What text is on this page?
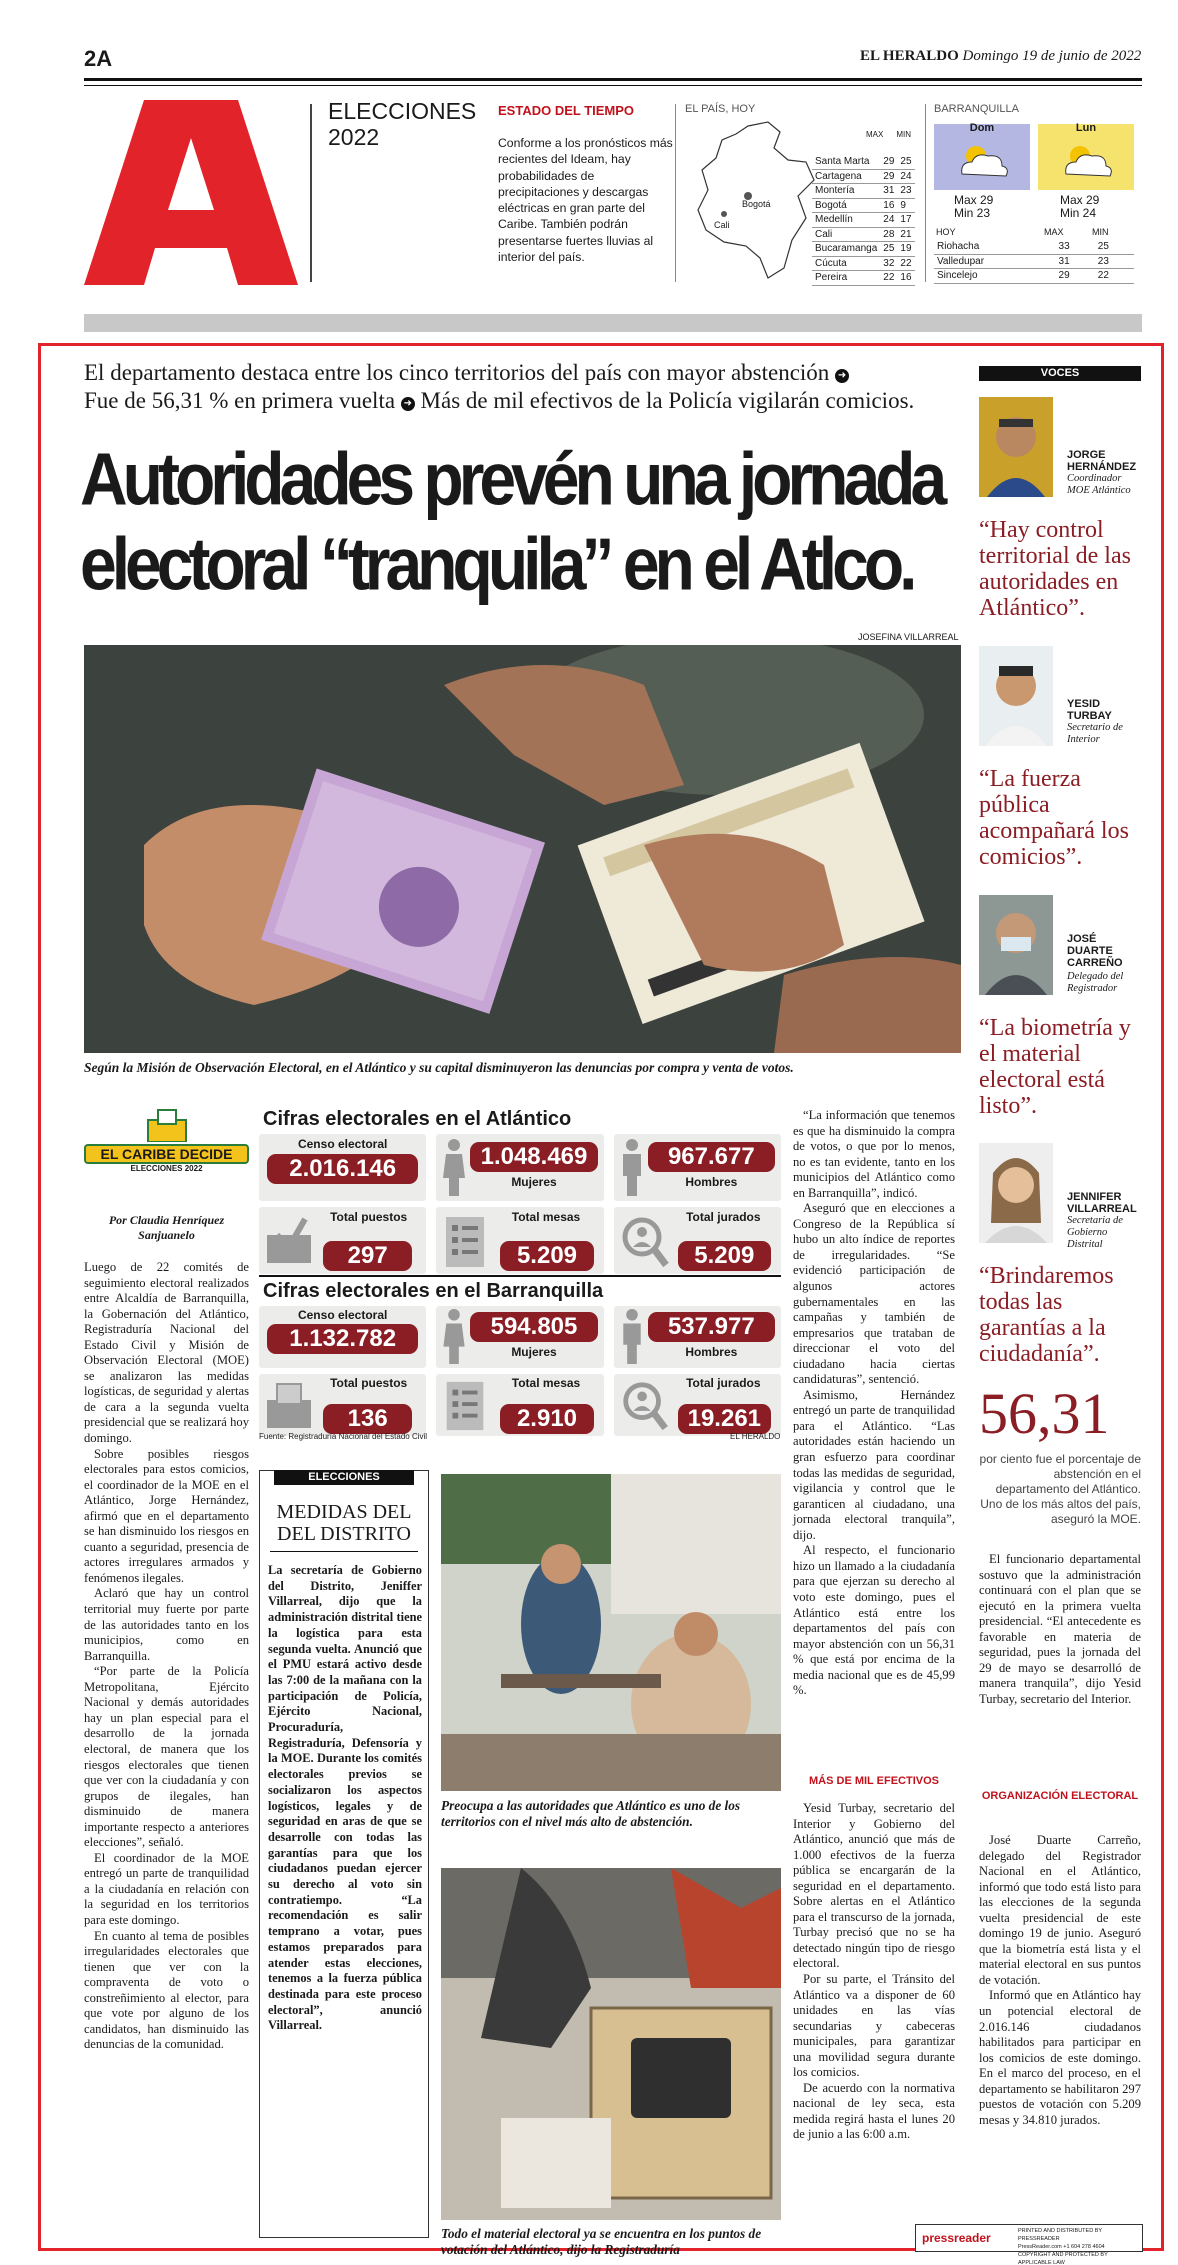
2A	EL HERALDO Domingo 19 de junio de 2022
ELECCIONES
2022
ESTADO DEL TIEMPO
Conforme a los pronósticos más recientes del Ideam, hay probabilidades de precipitaciones y descargas eléctricas en gran parte del Caribe. También podrán presentarse fuertes lluvias al interior del país.
EL PAÍS, HOY
Bogotá
Cali
MAX MIN
Santa Marta	29	25
Cartagena	29	24
Montería	31	23
Bogotá	16	9
Medellín	24	17
Cali	28	21
Bucaramanga	25	19
Cúcuta	32	22
Pereira	22	16
BARRANQUILLA
Dom	Lun
Max 29
Min 23
Max 29
Min 24
HOY	MAX	MIN
Riohacha	33	25
Valledupar	31	23
Sincelejo	29	22
El departamento destaca entre los cinco territorios del país con mayor abstención ➜
Fue de 56,31 % en primera vuelta ➜ Más de mil efectivos de la Policía vigilarán comicios.
Autoridades prevén una jornada
electoral “tranquila” en el Atlco.
JOSEFINA VILLARREAL
Según la Misión de Observación Electoral, en el Atlántico y su capital disminuyeron las denuncias por compra y venta de votos.
EL CARIBE DECIDE
ELECCIONES 2022
Por Claudia Henríquez
Sanjuanelo

Luego de 22 comités de seguimiento electoral realizados entre Alcaldía de Barranquilla, la Gobernación del Atlántico, Registraduría Nacional del Estado Civil y Misión de Observación Electoral (MOE) se analizaron las medidas logísticas, de seguridad y alertas de cara a la segunda vuelta presidencial que se realizará hoy domingo.

Sobre posibles riesgos electorales para estos comicios, el coordinador de la MOE en el Atlántico, Jorge Hernández, afirmó que en el departamento se han disminuido los riesgos en cuanto a seguridad, presencia de actores irregulares armados y fenómenos ilegales.

Aclaró que hay un control territorial muy fuerte por parte de las autoridades tanto en los municipios, como en Barranquilla.

“Por parte de la Policía Metropolitana, Ejército Nacional y demás autoridades hay un plan especial para el desarrollo de la jornada electoral, de manera que los riesgos electorales que tienen que ver con la ciudadanía y con grupos de ilegales, han disminuido de manera importante respecto a anteriores elecciones”, señaló.

El coordinador de la MOE entregó un parte de tranquilidad a la ciudadanía en relación con la seguridad en los territorios para este domingo.

En cuanto al tema de posibles irregularidades electorales que tienen que ver con la compraventa de voto o constreñimiento al elector, para que vote por alguno de los candidatos, han disminuido las denuncias de la comunidad.

Cifras electorales en el Atlántico
Censo electoral
2.016.146	1.048.469
Mujeres
967.677
Hombres
Total puestos
297
Total mesas
5.209
Total jurados
5.209
Cifras electorales en el Barranquilla
Censo electoral
1.132.782	594.805
Mujeres
537.977
Hombres
Total puestos
136
Total mesas
2.910
Total jurados
19.261
Fuente: Registraduría Nacional del Estado Civil	EL HERALDO
ELECCIONES
MEDIDAS DEL DEL DISTRITO
La secretaría de Gobierno del Distrito, Jeniffer Villarreal, dijo que la administración distrital tiene la logística para esta segunda vuelta. Anunció que el PMU estará activo desde las 7:00 de la mañana con la participación de Policía, Ejército Nacional, Procuraduría, Registraduría, Defensoría y la MOE. Durante los comités electorales previos se socializaron los aspectos logísticos, legales y de seguridad en aras de que se desarrolle con todas las garantías para que los ciudadanos puedan ejercer su derecho al voto sin contratiempo. “La recomendación es salir temprano a votar, pues estamos preparados para atender estas elecciones, tenemos a la fuerza pública destinada para este proceso electoral”, anunció Villarreal.
Preocupa a las autoridades que Atlántico es uno de los territorios con el nivel más alto de abstención.
Todo el material electoral ya se encuentra en los puntos de votación del Atlántico, dijo la Registraduría

“La información que tenemos es que ha disminuido la compra de votos, o que por lo menos, no es tan evidente, tanto en los municipios del Atlántico como en Barranquilla”, indicó.

Aseguró que en elecciones a Congreso de la República sí hubo un alto índice de reportes de irregularidades. “Se evidenció participación de algunos actores gubernamentales en las campañas y también de empresarios que trataban de direccionar el voto del ciudadano hacia ciertas candidaturas”, sentenció.

Asimismo, Hernández entregó un parte de tranquilidad para el Atlántico. “Las autoridades están haciendo un gran esfuerzo para coordinar todas las medidas de seguridad, vigilancia y control que le garanticen al ciudadano, una jornada electoral tranquila”, dijo.

Al respecto, el funcionario hizo un llamado a la ciudadanía para que ejerzan su derecho al voto este domingo, pues el Atlántico está entre los departamentos del país con mayor abstención con un 56,31 % que está por encima de la media nacional que es de 45,99 %.

MÁS DE MIL EFECTIVOS

Yesid Turbay, secretario del Interior y Gobierno del Atlántico, anunció que más de 1.000 efectivos de la fuerza pública se encargarán de la seguridad en el departamento. Sobre alertas en el Atlántico para el transcurso de la jornada, Turbay precisó que no se ha detectado ningún tipo de riesgo electoral.

Por su parte, el Tránsito del Atlántico va a disponer de 60 unidades en las vías secundarias y cabeceras municipales, para garantizar una movilidad segura durante los comicios.

De acuerdo con la normativa nacional de ley seca, esta medida regirá hasta el lunes 20 de junio a las 6:00 a.m.

VOCES
JORGE HERNÁNDEZ
Coordinador MOE Atlántico
“Hay control territorial de las autoridades en Atlántico”.
YESID TURBAY
Secretario de Interior
“La fuerza pública acompañará los comicios”.
JOSÉ DUARTE CARREÑO
Delegado del Registrador
“La biometría y el material electoral está listo”.
JENNIFER VILLARREAL
Secretaria de Gobierno Distrital
“Brindaremos todas las garantías a la ciudadanía”.
56,31
por ciento fue el porcentaje de abstención en el departamento del Atlántico. Uno de los más altos del país, aseguró la MOE.

El funcionario departamental sostuvo que la administración continuará con el plan que se ejecutó en la primera vuelta presidencial. “El antecedente es favorable en materia de seguridad, pues la jornada del 29 de mayo se desarrolló de manera tranquila”, dijo Yesid Turbay, secretario del Interior.

ORGANIZACIÓN ELECTORAL

José Duarte Carreño, delegado del Registrador Nacional en el Atlántico, informó que todo está listo para las elecciones de la segunda vuelta presidencial de este domingo 19 de junio. Aseguró que la biometría está lista y el material electoral en sus puntos de votación.

Informó que en Atlántico hay un potencial electoral de 2.016.146 ciudadanos habilitados para participar en los comicios de este domingo. En el marco del proceso, en el departamento se habilitaron 297 puestos de votación con 5.209 mesas y 34.810 jurados.

pressreader	PRINTED AND DISTRIBUTED BY PRESSREADER
PressReader.com +1 604 278 4604
COPYRIGHT AND PROTECTED BY APPLICABLE LAW
